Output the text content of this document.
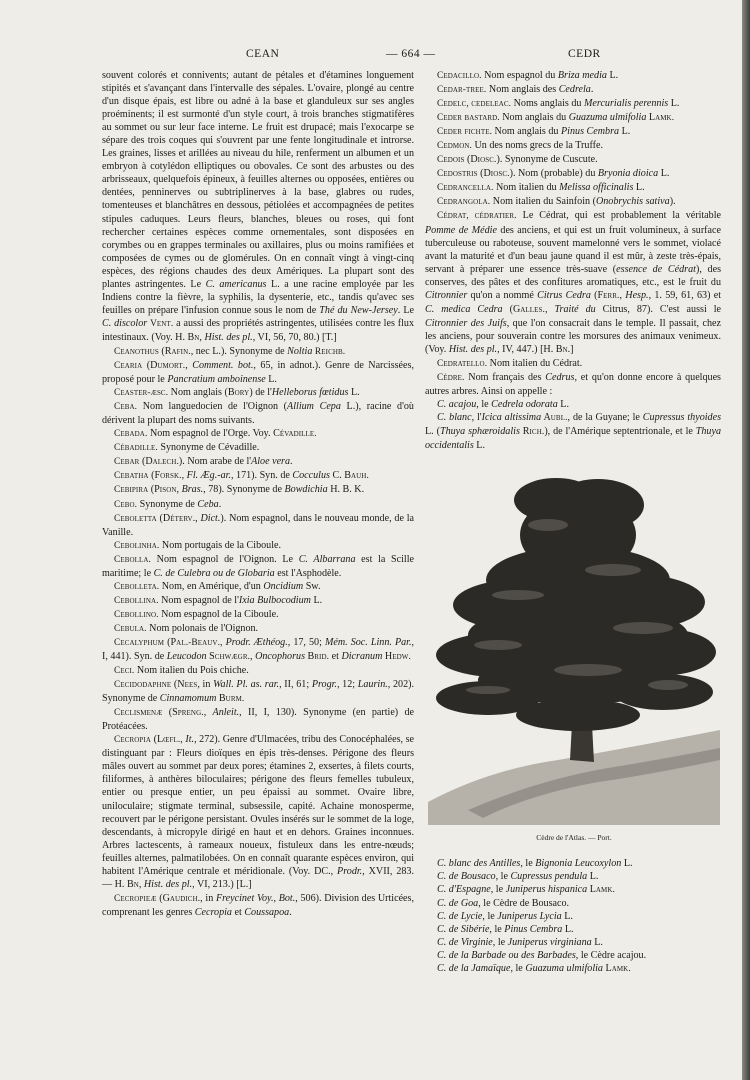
CEAN	— 664 —	CEDR

souvent colorés et connivents; autant de pétales et d'étamines longuement stipités et s'avançant dans l'intervalle des sépales. L'ovaire, plongé au centre d'un disque épais, est libre ou adné à la base et glanduleux sur ses angles proéminents; il est surmonté d'un style court, à trois branches stigmatifères au sommet ou sur leur face interne. Le fruit est drupacé; mais l'exocarpe se sépare des trois coques qui s'ouvrent par une fente longitudinale et introrse. Les graines, lisses et arillées au niveau du hile, renferment un albumen et un embryon à cotylédon elliptiques ou obovales. Ce sont des arbustes ou des arbrisseaux, quelquefois épineux, à feuilles alternes ou opposées, entières ou dentées, penninerves ou subtriplinerves à la base, glabres ou rudes, tomenteuses et blanchâtres en dessous, pétiolées et accompagnées de petites stipules caduques. Leurs fleurs, blanches, bleues ou roses, qui font rechercher certaines espèces comme ornementales, sont disposées en corymbes ou en grappes terminales ou axillaires, plus ou moins ramifiées et composées de cymes ou de glomérules. On en connaît vingt à vingt-cinq espèces, des régions chaudes des deux Amériques. La plupart sont des plantes astringentes. Le C. americanus L. a une racine employée par les Indiens contre la fièvre, la syphilis, la dysenterie, etc., tandis qu'avec ses feuilles on prépare l'infusion connue sous le nom de Thé du New-Jersey. Le C. discolor Vent. a aussi des propriétés astringentes, utilisées contre les flux intestinaux. (Voy. H. Bn, Hist. des pl., VI, 56, 70, 80.) [T.]

Ceanothus (Rafin., nec L.). Synonyme de Noltia Reichb.

Cearia (Dumort., Comment. bot., 65, in adnot.). Genre de Narcissées, proposé pour le Pancratium amboinense L.

Ceaster-æsc. Nom anglais (Bory) de l'Helleborus fœtidus L.

Ceba. Nom languedocien de l'Oignon (Allium Cepa L.), racine d'où dérivent la plupart des noms suivants.

Cebada. Nom espagnol de l'Orge. Voy. Cévadille.

Cébadille. Synonyme de Cévadille.

Cebar (Dalech.). Nom arabe de l'Aloe vera.

Cebatha (Forsk., Fl. Æg.-ar., 171). Syn. de Cocculus C. Bauh.

Cebipira (Pison, Bras., 78). Synonyme de Bowdichia H. B. K.

Cebo. Synonyme de Ceba.

Ceboletta (Déterv., Dict.). Nom espagnol, dans le nouveau monde, de la Vanille.

Cebolinha. Nom portugais de la Ciboule.

Cebolla. Nom espagnol de l'Oignon. Le C. Albarrana est la Scille maritime; le C. de Culebra ou de Globaria est l'Asphodèle.

Cebolleta. Nom, en Amérique, d'un Oncidium Sw.

Cebollina. Nom espagnol de l'Ixia Bulbocodium L.

Cebollino. Nom espagnol de la Ciboule.

Cebula. Nom polonais de l'Oignon.

Cecalyphum (Pal.-Beauv., Prodr. Æthéog., 17, 50; Mém. Soc. Linn. Par., I, 441). Syn. de Leucodon Schwægr., Oncophorus Brid. et Dicranum Hedw.

Ceci. Nom italien du Pois chiche.

Cecidodaphne (Nees, in Wall. Pl. as. rar., II, 61; Progr., 12; Laurin., 202). Synonyme de Cinnamomum Burm.

Ceclismenæ (Spreng., Anleit., II, I, 130). Synonyme (en partie) de Protéacées.

Cecropia (Lœfl., It., 272). Genre d'Ulmacées, tribu des Conocéphalées, se distinguant par : Fleurs dioïques en épis très-denses. Périgone des fleurs mâles ouvert au sommet par deux pores; étamines 2, exsertes, à filets courts, filiformes, à anthères biloculaires; périgone des fleurs femelles tubuleux, entier ou presque entier, un peu épaissi au sommet. Ovaire libre, uniloculaire; stigmate terminal, subsessile, capité. Achaine monosperme, recouvert par le périgone persistant. Ovules insérés sur le sommet de la loge, descendants, à micropyle dirigé en haut et en dehors. Graines inconnues. Arbres lactescents, à rameaux noueux, fistuleux dans les entre-nœuds; feuilles alternes, palmatilobées. On en connaît quarante espèces environ, qui habitent l'Amérique centrale et méridionale. (Voy. DC., Prodr., XVII, 283. — H. Bn, Hist. des pl., VI, 213.) [L.]

Cecropieæ (Gaudich., in Freycinet Voy., Bot., 506). Division des Urticées, comprenant les genres Cecropia et Coussapoa.

Cedacillo. Nom espagnol du Briza media L.

Cedar-tree. Nom anglais des Cedrela.

Cedelc, cedeleac. Noms anglais du Mercurialis perennis L.

Ceder bastard. Nom anglais du Guazuma ulmifolia Lamk.

Ceder fichte. Nom anglais du Pinus Cembra L.

Cedmon. Un des noms grecs de la Truffe.

Cedois (Diosc.). Synonyme de Cuscute.

Cedostris (Diosc.). Nom (probable) du Bryonia dioica L.

Cedrancella. Nom italien du Melissa officinalis L.

Cedrangola. Nom italien du Sainfoin (Onobrychis sativa).

Cédrat, cédratier. Le Cédrat, qui est probablement la véritable Pomme de Médie des anciens, et qui est un fruit volumineux, à surface tuberculeuse ou raboteuse, souvent mamelonné vers le sommet, violacé avant la maturité et d'un beau jaune quand il est mûr, à zeste très-épais, servant à préparer une essence très-suave (essence de Cédrat), des conserves, des pâtes et des confitures aromatiques, etc., est le fruit du Citronnier qu'on a nommé Citrus Cedra (Ferr., Hesp., 1. 59, 61, 63) et C. medica Cedra (Galles., Traité du Citrus, 87). C'est aussi le Citronnier des Juifs, que l'on consacrait dans le temple. Il passait, chez les anciens, pour souverain contre les morsures des animaux venimeux. (Voy. Hist. des pl., IV, 447.) [H. Bn.]

Cedratello. Nom italien du Cédrat.

Cèdre. Nom français des Cedrus, et qu'on donne encore à quelques autres arbres. Ainsi on appelle :

C. acajou, le Cedrela odorata L.

C. blanc, l'Icica altissima Aubl., de la Guyane; le Cupressus thyoides L. (Thuya sphæroidalis Rich.), de l'Amérique septentrionale, et le Thuya occidentalis L.

Cèdre de l'Atlas. — Port.

C. blanc des Antilles, le Bignonia Leucoxylon L.

C. de Bousaco, le Cupressus pendula L.

C. d'Espagne, le Juniperus hispanica Lamk.

C. de Goa, le Cèdre de Bousaco.

C. de Lycie, le Juniperus Lycia L.

C. de Sibérie, le Pinus Cembra L.

C. de Virginie, le Juniperus virginiana L.

C. de la Barbade ou des Barbades, le Cèdre acajou.

C. de la Jamaïque, le Guazuma ulmifolia Lamk.
